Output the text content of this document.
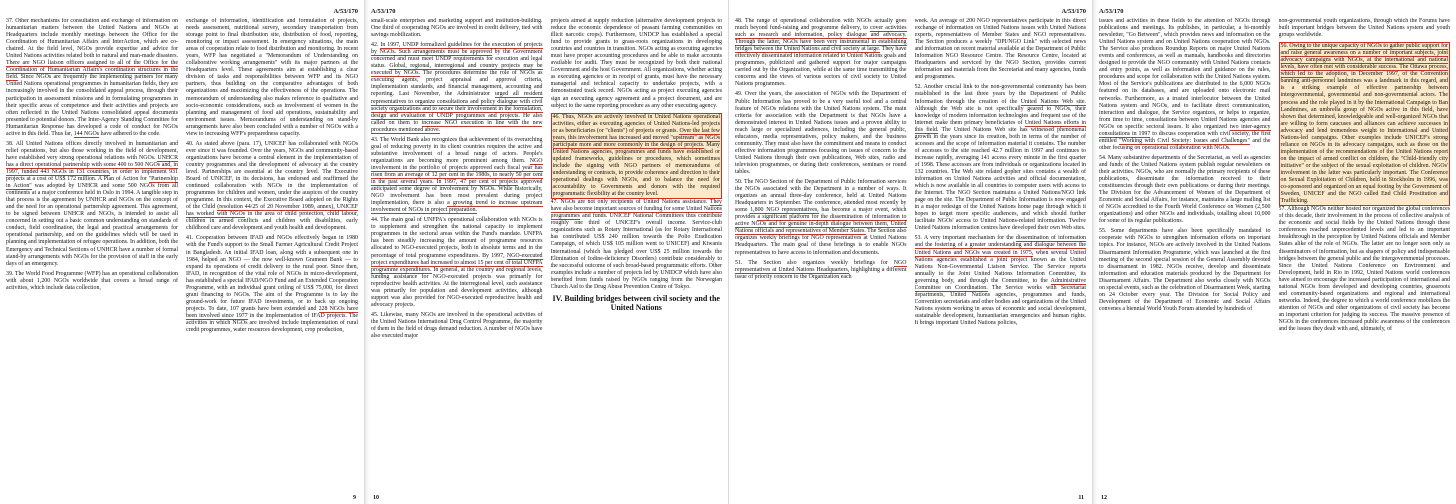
A/53/170

37. Other mechanisms for consultation and exchange of information on humanitarian matters between the United Nations and NGOs at Headquarters include monthly meetings between the Office for the Coordination of Humanitarian Affairs and InterAction, which are co-chaired. At the field level, NGOs provide expertise and advice for United Nations activities related both to natural and man-made disasters. There are NGO liaison officers assigned to all of the Office for the Coordination of Humanitarian Affairs's coordination structures in the field. Since NGOs are frequently the implementing partners for many United Nations operational programmes in humanitarian fields, they are increasingly involved in the consolidated appeal process, through their participation in assessment missions and in formulating programmes in their specific areas of competence and their activities and projects are often reflected in the United Nations consolidated appeal documents presented to potential donors. The Inter-Agency Standing Committee for Humanitarian Response has developed a code of conduct for NGOs active in this field. Thus far, 144 NGOs have adhered to the code.

38. All United Nations offices directly involved in humanitarian and relief operations, but also those working in the field of development, have established very strong operational relations with NGOs. UNHCR has a direct operational partnership with some 400 to 500 NGOs and, in 1997, funded 443 NGOs in 131 countries, in order to implement 931 projects at a cost of US$ 172 million. A Plan of Action for "Partnership in Action" was adopted by UNHCR and some 500 NGOs from all continents at a major conference held in Oslo in 1994. A tangible step in that process is the agreement by UNHCR and NGOs on the concept of and the need for an operational partnership agreement. This agreement, to be signed between UNHCR and NGOs, is intended to assist all concerned in setting out a basic common understanding on standards of conduct, field coordination, the legal and practical arrangements for operational partnership, and on the guidelines which will be used in planning and implementation of refugee operations. In addition, both the Emergency and Technical Sections of UNHCR have a number of formal stand-by arrangements with NGOs for the provision of staff in the early days of an emergency.

39. The World Food Programme (WFP) has an operational collaboration with about 1,200 NGOs worldwide that covers a broad range of activities, which include data collection,

exchange of information, identification and formulation of projects, needs assessment, nutritional survey, secondary transportation from storage point to final distribution site, distribution of food, reporting, monitoring or impact assessment. In emergency situations, the main areas of cooperation relate to food distribution and monitoring. In recent years, WFP has negotiated a "Memorandum of Understanding on collaborative working arrangements" with its major partners at the Headquarters level. These agreements aim at establishing a clear division of tasks and responsibilities between WFP and its NGO partners, thus building on the comparative advantages of both organizations and maximizing the effectiveness of the operations. The memorandum of understanding also makes reference to qualitative and socio-economic considerations, such as involvement of women in the planning and management of food aid operations, sustainability and environment issues. Memorandums of understanding on stand-by arrangements have also been concluded with a number of NGOs with a view to increasing WFP's preparedness capacity.

40. As stated above (para. 17), UNICEF has collaborated with NGOs ever since it was founded. Over the years, NGOs and community-based organizations have become a central element in the implementation of country programmes and the development of advocacy at the country level. Partnerships are essential at the country level. The Executive Board of UNICEF, in its decisions, has endorsed and reaffirmed the continued collaboration with NGOs in the implementation of programmes for children and women, under the auspices of the country programme. In this context, the Executive Board adopted on the Rights of the Child (resolution 44/25 of 20 November 1989, annex), UNICEF has worked with NGOs in the area of child protection, child labour, children in armed conflicts and children with disabilities, early childhood care and development and youth health and development.

41. Cooperation between IFAD and NGOs effectively began in 1980 with the Fund's support to the Small Farmer Agricultural Credit Project in Bangladesh. An initial IFAD loan, along with a subsequent one in 1984, helped an NGO — the now well-known Grameen Bank — to expand its operations of credit delivery to the rural poor. Since then, IFAD, in recognition of the vital role of NGOs in micro-development, has established a special IFAD/NGO Fund and an Extended Cooperation Programme, with an individual grant ceiling of US$ 75,000, for direct grant financing to NGOs. The aim of the Programme is to lay the ground-work for future IFAD investments, or to back up ongoing projects. To date, 107 grants have been extended and 228 NGOs have been involved since 1977 in the implementation of IFAD projects. The activities in which NGOs are involved include implementation of rural credit programmes, water resources development, crop production,

9
A/53/170

small-scale enterprises and marketing support and institution-building. One third of cooperating NGOs are involved in credit delivery, tied with savings mobilization.

42. In 1997, UNDP formalized guidelines for the execution of projects by NGOs. Such arrangements must be approved by the Government concerned and must meet UNDP requirements for execution and legal status. Global, regional, interregional and country projects may be executed by NGOs. The procedures determine the role of NGOs as executing agents, project appraisal and approval criteria, implementation standards, and financial management, accounting and reporting. Last November, the Administrator urged all resident representatives to organize consultations and policy dialogue with civil society organizations and to secure their involvement in the formulation, design and evaluation of UNDP programmes and projects. He also called on them to increase NGO execution in line with the new procedures mentioned above.

43. The World Bank also recognizes that achievement of its overarching goal of reducing poverty in its client countries requires the active and substantive involvement of a broad range of actors. People's organizations are becoming more prominent among them. NGO involvement in the portfolio of projects approved each fiscal year has risen from an average of 12 per cent in the 1980s, to nearly 50 per cent in the past several years. In 1997, 47 per cent of projects approved anticipated some degree of involvement by NGOs. While historically, NGO involvement has been most prevalent during project implementation, there is also a growing trend to increase upstream involvement of NGOs in project preparation.

44. The main goal of UNFPA's operational collaboration with NGOs is to supplement and strengthen the national capacity to implement programmes in the sectoral areas within the Fund's mandate. UNFPA has been steadily increasing the amount of programme resources allocated to NGO-executed projects, both in absolute terms and in the percentage of total programme expenditures. By 1997, NGO-executed project expenditures had increased to almost 15 per cent of total UNFPA programme expenditures. In general, at the country and regional levels, funding assistance for NGO-executed projects was primarily for reproductive health activities. At the interregional level, such assistance was primarily for population and development activities, although support was also provided for NGO-executed reproductive health and advocacy projects.

45. Likewise, many NGOs are involved in the operational activities of the United Nations International Drug Control Programme, the majority of them in the field of drugs demand reduction. A number of NGOs have also executed major

projects aimed at supply reduction (alternative development projects to reduce the economic dependence of peasant farming communities on illicit narcotic crops). Furthermore, UNDCP has established a special fund to provide grants to grass-roots organizations in developing countries and countries in transition. NGOs acting as executing agencies must have proper accounting procedures and be able to make accounts available for audit. They must be recognized by both their national Government and the host Government. All organizations, whether acting as executing agencies or in receipt of grants, must have the necessary managerial and technical capacity to undertake projects, with a demonstrated track record. NGOs acting as project executing agencies sign an executing agency agreement and a project document, and are subject to the same reporting procedure as any other executing agency.

46. Thus, NGOs are actively involved in United Nations operational activities, either as executing agencies of United Nations-led projects or as beneficiaries (or "clients") of projects or grants. Over the last few years, this involvement has increased and moved "upstream" as NGOs participate more and more commonly in the design of projects. Many United Nations agencies, programmes and funds have established or updated frameworks, guidelines or procedures, which sometimes include the signing with NGO partners of memorandums of understanding or contracts, to provide coherence and direction to their operational dealings with NGOs, and to balance the need for accountability to Governments and donors with the required programmatic flexibility at the country level.

47. NGOs are not only recipients of United Nations assistance. They have also become important sources of funding for some United Nations programmes and funds. UNICEF National Committees thus contribute roughly one third of UNICEF's overall income. Service-club organizations such as Rotary International (as for Rotary International has contributed US$ 240 million towards the Polio Eradication Campaign, of which US$ 105 million went to UNICEF) and Kiwanis International (which has pledged over US$ 25 million towards the Elimination of Iodine-deficiency Disorders) contribute considerably to the successful outcome of such broad-based programmatic efforts. Other examples include a number of projects led by UNIDCP which have also benefited from funds raised by NGOs ranging from the Norwegian Church Aid to the Drug Abuse Prevention Centre of Tokyo.

IV. Building bridges between civil society and the United Nations
10
A/53/170

48. The range of operational collaboration with NGOs actually goes much beyond fund-raising and programme delivery, to cover activities such as research and information, policy dialogue and advocacy. Through the latter, NGOs have been very instrumental in establishing bridges between the United Nations and civil society at large. They have effectively disseminated information related to United Nations goals and programmes, publicized and gathered support for major campaigns carried out by the Organization, while at the same time transmitting the concerns and the views of various sectors of civil society to United Nations programmes.

49. Over the years, the association of NGOs with the Department of Public Information has proved to be a very useful tool and a central feature of NGOs relations with the United Nations system. The main criteria for association with the Department is that NGOs have a demonstrated interest in United Nations issues and a proven ability to reach large or specialized audiences, including the general public, educators, media representatives, policy makers, and the business community. They must also have the commitment and means to conduct effective information programmes focusing on issues of concern to the United Nations through their own publications, Web sites, radio and television programmes, or during their conferences, seminars or round tables.

50. The NGO Section of the Department of Public Information services the NGOs associated with the Department in a number of ways. It organizes an annual three-day conference, held at United Nations Headquarters in September. The conference, attended most recently by some 1,800 NGO representatives, has become a major event, which provides a significant platform for the dissemination of information to active NGOs and for genuine in-depth dialogue between them, United Nations officials and representatives of Member States. The Section also organizes weekly briefings for NGO representatives at United Nations Headquarters. The main goal of these briefings is to enable NGOs representatives to have access to information and documents.

51. The Section also organizes weekly briefings for NGO representatives at United Nations Headquarters, highlighting a different issue of priority concern to the Organization each

week. An average of 200 NGO representatives participate in this direct exchange of information on United Nations issues with United Nations experts, representatives of Member States and NGO representatives. The Section produces a weekly "DPI/NGO Link" with selected news and information on recent material available at the Department of Public Information NGO Resource Centre. The Resource Centre, located at Headquarters and serviced by the NGO Section, provides current information and materials from the Secretariat and many agencies, funds and programmes.

52. Another crucial link to the non-governmental community has been established in the last three years by the Department of Public Information through the creation of the United Nations Web site. Although the Web site is not specifically geared to NGOs, their knowledge of modern information technologies and frequent use of the Internet make them primary beneficiaries of United Nations efforts in this field. The United Nations Web site has witnessed phenomenal growth in the years since its creation, both in terms of the number of accesses and the scope of information material it contains. The number of accesses to the site reached 42.7 million in 1997 and continues to increase rapidly, averaging 141 access every minute in the first quarter of 1998. These accesses are from individuals or organizations located in 132 countries. The Web site related gopher sites contains a wealth of information on United Nations activities and official documentation, which is now available in all countries to computer users with access to the Internet. The NGO Section maintains a United Nations/NGO link page on the site. The Department of Public Information is now engaged in a major redesign of the United Nations home page through which it hopes to target more specific audiences, and which should further facilitate NGOs' access to United Nations-related information. Twelve United Nations information centres have developed their own Web sites.

53. A very important mechanism for the dissemination of information and the fostering of a greater understanding and dialogue between the United Nations and NGOs was created in 1975, when several United Nations agencies established a joint project known as the United Nations Non-Governmental Liaison Service. The Service reports annually to the Joint United Nations Information Committee, its governing body, and through the Committee, to the Administrative Committee on Coordination. The Service works with Secretariat departments, United Nations agencies, programmes and funds, Convention secretariats and other bodies and organizations of the United Nations system working in areas of economic and social development, sustainable development, humanitarian emergencies and human rights. It brings important United Nations policies,

11
A/53/170

issues and activities in these fields to the attention of NGOs through publications and meetings. Its publishes, in particular, a bi-monthly newsletter, "Go Between", which provides news and information on the United Nations system and on United Nations cooperation with NGOs. The Service also produces Roundup Reports on major United Nations events and conferences, as well as manuals, handbooks and directories designed to provide the NGO community with United Nations contacts and entry points, as well as information and guidance on the rules, procedures and scope for collaboration with the United Nations system. Most of the Service's publications are distributed to the 6,000 NGOs featured on its databases, and are uploaded onto electronic mail networks. Furthermore, as a trusted interlocutor between the United Nations system and NGOs, and to facilitate direct communication, interaction and dialogue, the Service organizes, or helps to organize, from time to time, consultations between United Nations agencies and NGOs on specific sectoral issues. It also organized two inter-agency consultations in 1997 to discuss cooperation with civil society, the first entitled "Working with Civil Society: Issues and Challenges" and the other focusing on operational collaboration with NGOs.

54. Many substantive departments of the Secretariat, as well as agencies and funds of the United Nations system publish regular newsletters on their activities. NGOs, who are normally the primary recipients of these publications, disseminate the information received to their constituencies through their own publications or during their meetings. The Division for the Advancement of Women of the Department of Economic and Social Affairs, for instance, maintains a large mailing list of NGOs accredited to the Fourth World Conference on Women (2,500 organizations) and other NGOs and individuals, totalling about 10,000 for some of its regular publications.

55. Some departments have also been specifically mandated to cooperate with NGOs to strengthen information efforts on important topics. For instance, NGOs are actively involved in the United Nations Disarmament Information Programme, which was launched at the first meeting of the second special session of the General Assembly devoted to disarmament in 1982. NGOs receive, develop and disseminate information and education materials produced by the Department for Disarmament Affairs. The Department also works closely with NGOs on special events, such as the celebration of Disarmament Week, starting on 24 October every year. The Division for Social Policy and Development of the Department of Economic and Social Affairs convenes a biennial World Youth Forum attended by hundreds of

non-governmental youth organizations, through which the Forums have built important bridges between the United Nations system and youth groups worldwide.

56. Owing to the unique capacity of NGOs to gather public support for and raise general awareness on a number of important subjects, joint advocacy campaigns with NGOs, at the international and national levels, have often met with considerable success. The Ottawa process, which led to the adoption, in December 1997, of the Convention banning anti-personnel landmines was a landmark in this regard, and is a striking example of effective partnership between intergovernmental, governmental and non-governmental actors. The process and the role played in it by the International Campaign to Ban Landmines, an umbrella group of NGOs active in this field, have shown that determined, knowledgeable and well-organized NGOs that are willing to form caucuses and alliances can achieve successes in advocacy and lend tremendous weight to International and United Nations-led campaigns. Other examples include UNICEF's strong reliance on NGOs in its advocacy campaigns, such as those on the implementation of the recommendations of the United Nations report on the impact of armed conflict on children, the "Child-friendly city initiative" or the subject of the sexual exploitation of children. NGOs' involvement in the latter was particularly important. The Conference on Sexual Exploitation of Children, held in Stockholm in 1996, was co-sponsored and organized on an equal footing by the Government of Sweden, UNICEF and the NGO called End Child Prostitution and Trafficking.

57. Although NGOs neither hosted nor organized the global conferences of this decade, their involvement in the process of collective analysis of the economic and social fields by the United Nations through these conferences reached unprecedented levels and led to an important breakthrough in the perception by United Nations officials and Member States alike of the role of NGOs. The latter are no longer seen only as disseminators of information, but as shapers of policy and indispensable bridges between the general public and the intergovernmental processes. Since the United Nations Conference on Environment and Development, held in Rio in 1992, United Nations world conferences have aimed to encourage the increased participation of international and national NGOs from developed and developing countries, grassroots and community-based organizations and regional and international networks. Indeed, the degree to which a world conference mobilizes the attention of NGOs and other organizations of civil society has become an important criterion for judging its success. The massive presence of NGOs in the conferences increased public awareness of the conferences and the issues they dealt with and, ultimately, of

12
